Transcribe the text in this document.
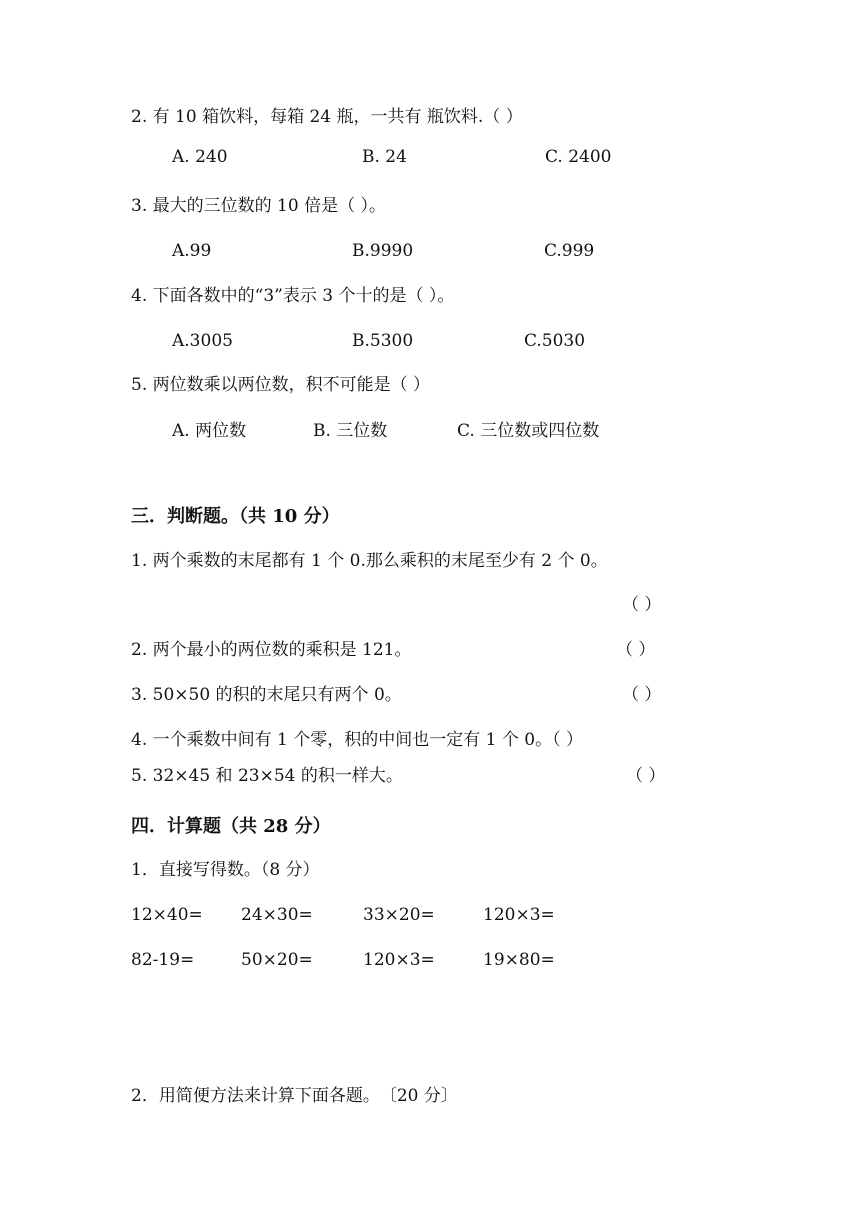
2. 有 10 箱饮料，每箱 24 瓶，一共有 瓶饮料.（ ）
A. 240	B. 24	C. 2400
3. 最大的三位数的 10 倍是（ ）。
A.99	B.9990	C.999
4. 下面各数中的“3”表示 3 个十的是（ ）。
A.3005	B.5300	C.5030
5. 两位数乘以两位数，积不可能是（ ）
A. 两位数	B. 三位数	C. 三位数或四位数
三．判断题。（共 10 分）
1. 两个乘数的末尾都有 1 个 0.那么乘积的末尾至少有 2 个 0。
（ ）
2. 两个最小的两位数的乘积是 121。	（ ）
3. 50×50 的积的末尾只有两个 0。	（ ）
4. 一个乘数中间有 1 个零，积的中间也一定有 1 个 0。（ ）
5. 32×45 和 23×54 的积一样大。	（ ）
四．计算题（共 28 分）
1．直接写得数。（8 分）
12×40= 24×30=	33×20=	120×3=
82-19=	50×20=	120×3=	19×80=
2．用简便方法来计算下面各题。　〔20 分〕
